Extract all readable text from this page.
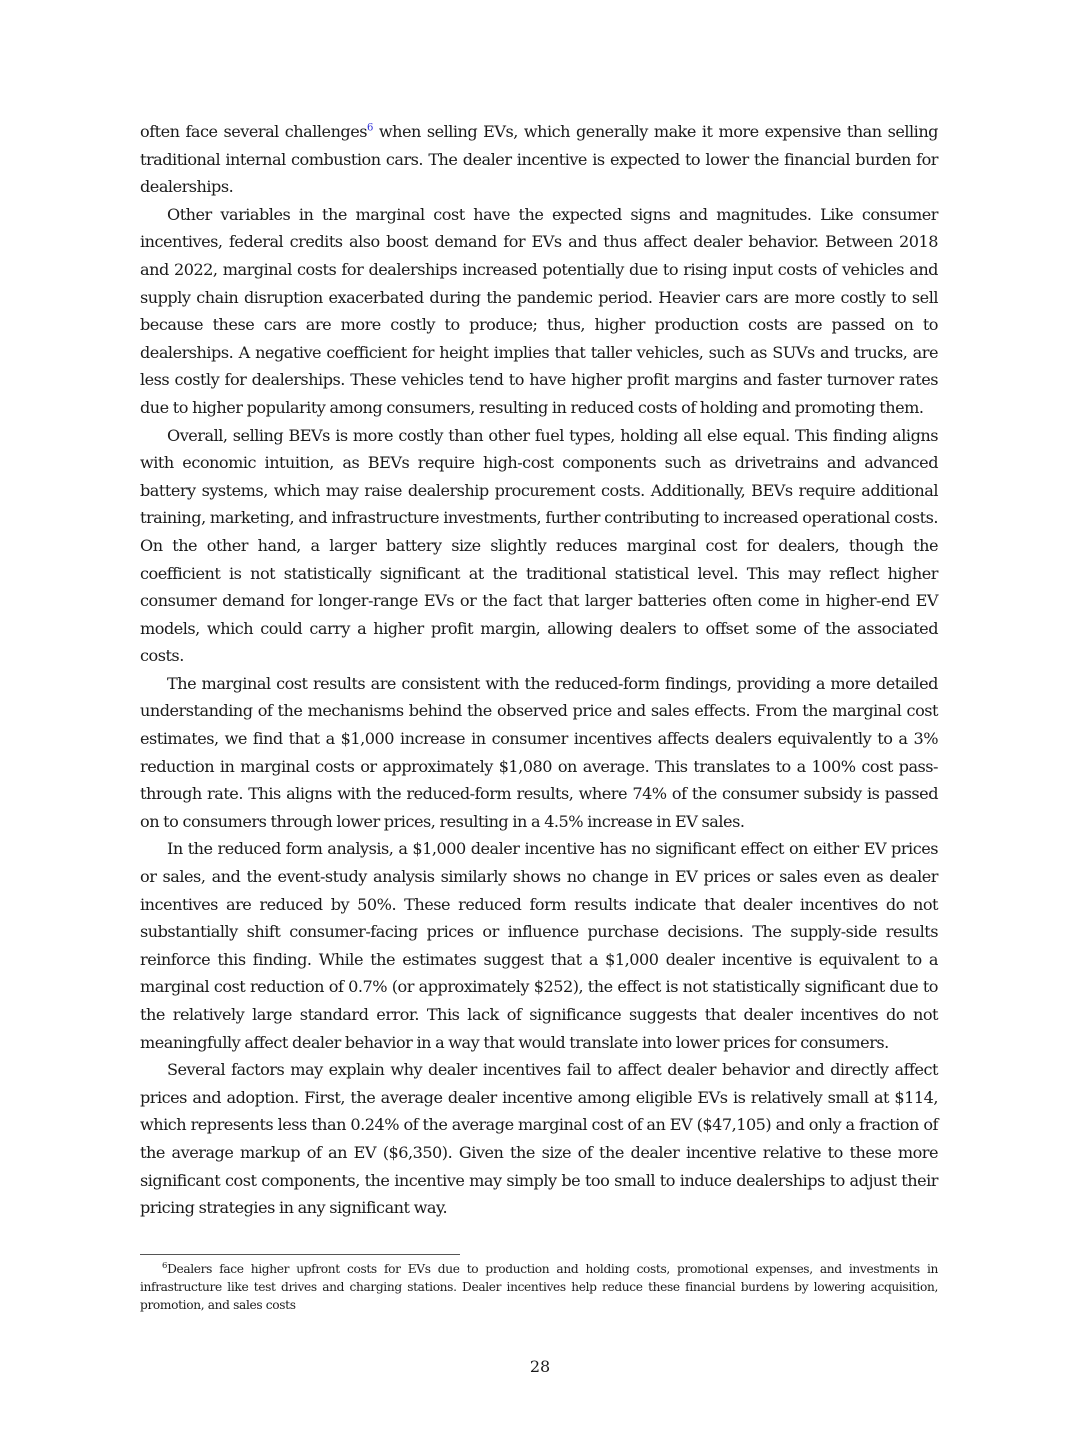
often face several challenges$^6$ when selling EVs, which generally make it more expensive than selling traditional internal combustion cars. The dealer incentive is expected to lower the financial burden for dealerships.

Other variables in the marginal cost have the expected signs and magnitudes. Like consumer incentives, federal credits also boost demand for EVs and thus affect dealer behavior. Between 2018 and 2022, marginal costs for dealerships increased potentially due to rising input costs of vehicles and supply chain disruption exacerbated during the pandemic period. Heavier cars are more costly to sell because these cars are more costly to produce; thus, higher production costs are passed on to dealerships. A negative coefficient for height implies that taller vehicles, such as SUVs and trucks, are less costly for dealerships. These vehicles tend to have higher profit margins and faster turnover rates due to higher popularity among consumers, resulting in reduced costs of holding and promoting them.

Overall, selling BEVs is more costly than other fuel types, holding all else equal. This finding aligns with economic intuition, as BEVs require high-cost components such as drivetrains and advanced battery systems, which may raise dealership procurement costs. Additionally, BEVs require additional training, marketing, and infrastructure investments, further contributing to increased operational costs. On the other hand, a larger battery size slightly reduces marginal cost for dealers, though the coefficient is not statistically significant at the traditional statistical level. This may reflect higher consumer demand for longer-range EVs or the fact that larger batteries often come in higher-end EV models, which could carry a higher profit margin, allowing dealers to offset some of the associated costs.

The marginal cost results are consistent with the reduced-form findings, providing a more detailed understanding of the mechanisms behind the observed price and sales effects. From the marginal cost estimates, we find that a $1,000 increase in consumer incentives affects dealers equivalently to a 3% reduction in marginal costs or approximately $1,080 on average. This translates to a 100% cost pass-through rate. This aligns with the reduced-form results, where 74% of the consumer subsidy is passed on to consumers through lower prices, resulting in a 4.5% increase in EV sales.

In the reduced form analysis, a $1,000 dealer incentive has no significant effect on either EV prices or sales, and the event-study analysis similarly shows no change in EV prices or sales even as dealer incentives are reduced by 50%. These reduced form results indicate that dealer incentives do not substantially shift consumer-facing prices or influence purchase decisions. The supply-side results reinforce this finding. While the estimates suggest that a $1,000 dealer incentive is equivalent to a marginal cost reduction of 0.7% (or approximately $252), the effect is not statistically significant due to the relatively large standard error. This lack of significance suggests that dealer incentives do not meaningfully affect dealer behavior in a way that would translate into lower prices for consumers.

Several factors may explain why dealer incentives fail to affect dealer behavior and directly affect prices and adoption. First, the average dealer incentive among eligible EVs is relatively small at $114, which represents less than 0.24% of the average marginal cost of an EV ($47,105) and only a fraction of the average markup of an EV ($6,350). Given the size of the dealer incentive relative to these more significant cost components, the incentive may simply be too small to induce dealerships to adjust their pricing strategies in any significant way.

$^6$Dealers face higher upfront costs for EVs due to production and holding costs, promotional expenses, and investments in infrastructure like test drives and charging stations. Dealer incentives help reduce these financial burdens by lowering acquisition, promotion, and sales costs
28
